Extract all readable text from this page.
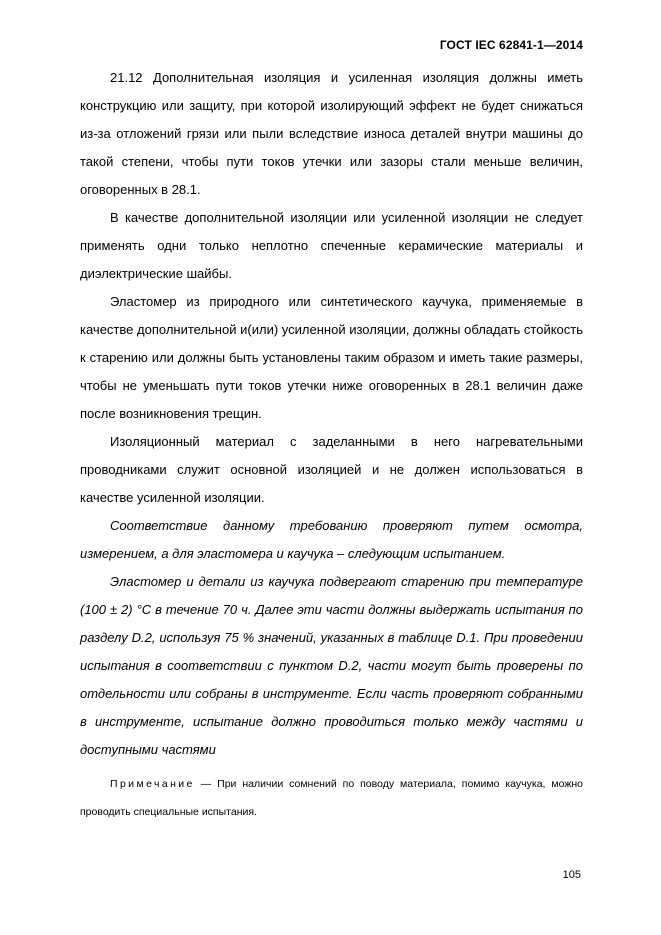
ГОСТ IEC 62841-1—2014

21.12 Дополнительная изоляция и усиленная изоляция должны иметь конструкцию или защиту, при которой изолирующий эффект не будет снижаться из-за отложений грязи или пыли вследствие износа деталей внутри машины до такой степени, чтобы пути токов утечки или зазоры стали меньше величин, оговоренных в 28.1.

В качестве дополнительной изоляции или усиленной изоляции не следует применять одни только неплотно спеченные керамические материалы и диэлектрические шайбы.

Эластомер из природного или синтетического каучука, применяемые в качестве дополнительной и(или) усиленной изоляции, должны обладать стойкость к старению или должны быть установлены таким образом и иметь такие размеры, чтобы не уменьшать пути токов утечки ниже оговоренных в 28.1 величин даже после возникновения трещин.

Изоляционный материал с заделанными в него нагревательными проводниками служит основной изоляцией и не должен использоваться в качестве усиленной изоляции.

Соответствие данному требованию проверяют путем осмотра, измерением, а для эластомера и каучука – следующим испытанием.

Эластомер и детали из каучука подвергают старению при температуре (100 ± 2) °С в течение 70 ч. Далее эти части должны выдержать испытания по разделу D.2, используя 75 % значений, указанных в таблице D.1. При проведении испытания в соответствии с пунктом D.2, части могут быть проверены по отдельности или собраны в инструменте. Если часть проверяют собранными в инструменте, испытание должно проводиться только между частями и доступными частями

Примечание — При наличии сомнений по поводу материала, помимо каучука, можно проводить специальные испытания.

105
